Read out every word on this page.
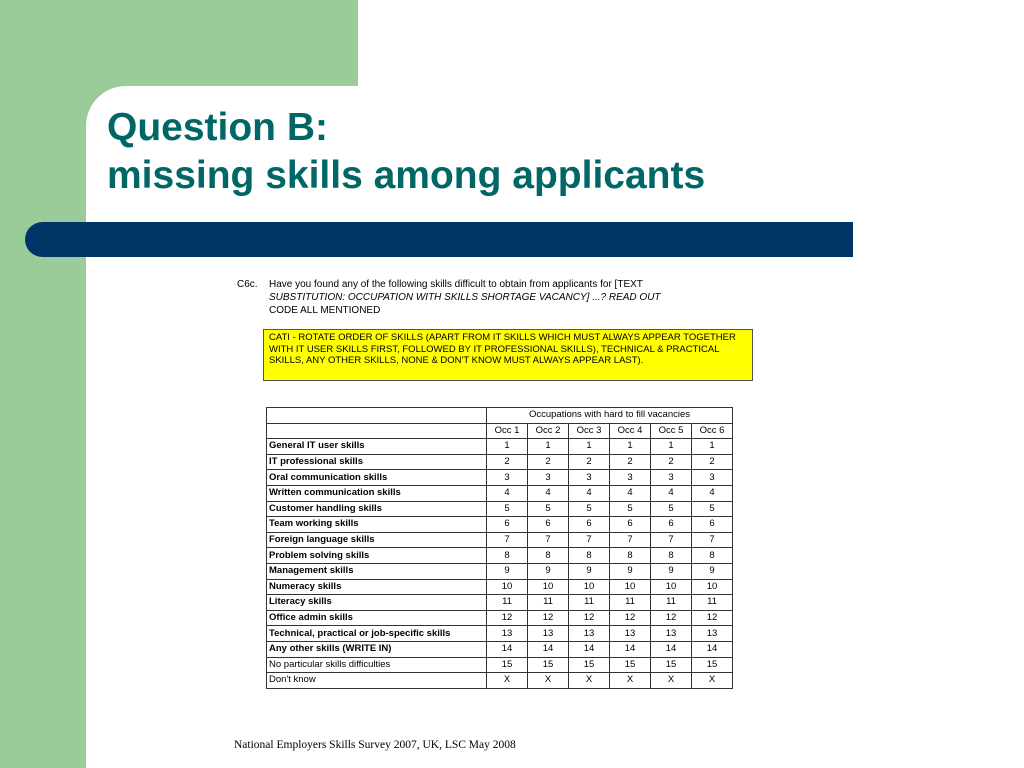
Question B:
missing skills among applicants
C6c. Have you found any of the following skills difficult to obtain from applicants for [TEXT
SUBSTITUTION: OCCUPATION WITH SKILLS SHORTAGE VACANCY] ...? READ OUT
CODE ALL MENTIONED
CATI - ROTATE ORDER OF SKILLS (APART FROM IT SKILLS WHICH MUST ALWAYS APPEAR TOGETHER WITH IT USER SKILLS FIRST, FOLLOWED BY IT PROFESSIONAL SKILLS), TECHNICAL & PRACTICAL SKILLS, ANY OTHER SKILLS, NONE & DON'T KNOW MUST ALWAYS APPEAR LAST).
	Occupations with hard to fill vacancies					
	Occ 1	Occ 2	Occ 3	Occ 4	Occ 5	Occ 6
General IT user skills	1	1	1	1	1	1
IT professional skills	2	2	2	2	2	2
Oral communication skills	3	3	3	3	3	3
Written communication skills	4	4	4	4	4	4
Customer handling skills	5	5	5	5	5	5
Team working skills	6	6	6	6	6	6
Foreign language skills	7	7	7	7	7	7
Problem solving skills	8	8	8	8	8	8
Management skills	9	9	9	9	9	9
Numeracy skills	10	10	10	10	10	10
Literacy skills	11	11	11	11	11	11
Office admin skills	12	12	12	12	12	12
Technical, practical or job-specific skills	13	13	13	13	13	13
Any other skills (WRITE IN)	14	14	14	14	14	14
No particular skills difficulties	15	15	15	15	15	15
Don't know	X	X	X	X	X	X
National Employers Skills Survey 2007, UK, LSC May 2008
